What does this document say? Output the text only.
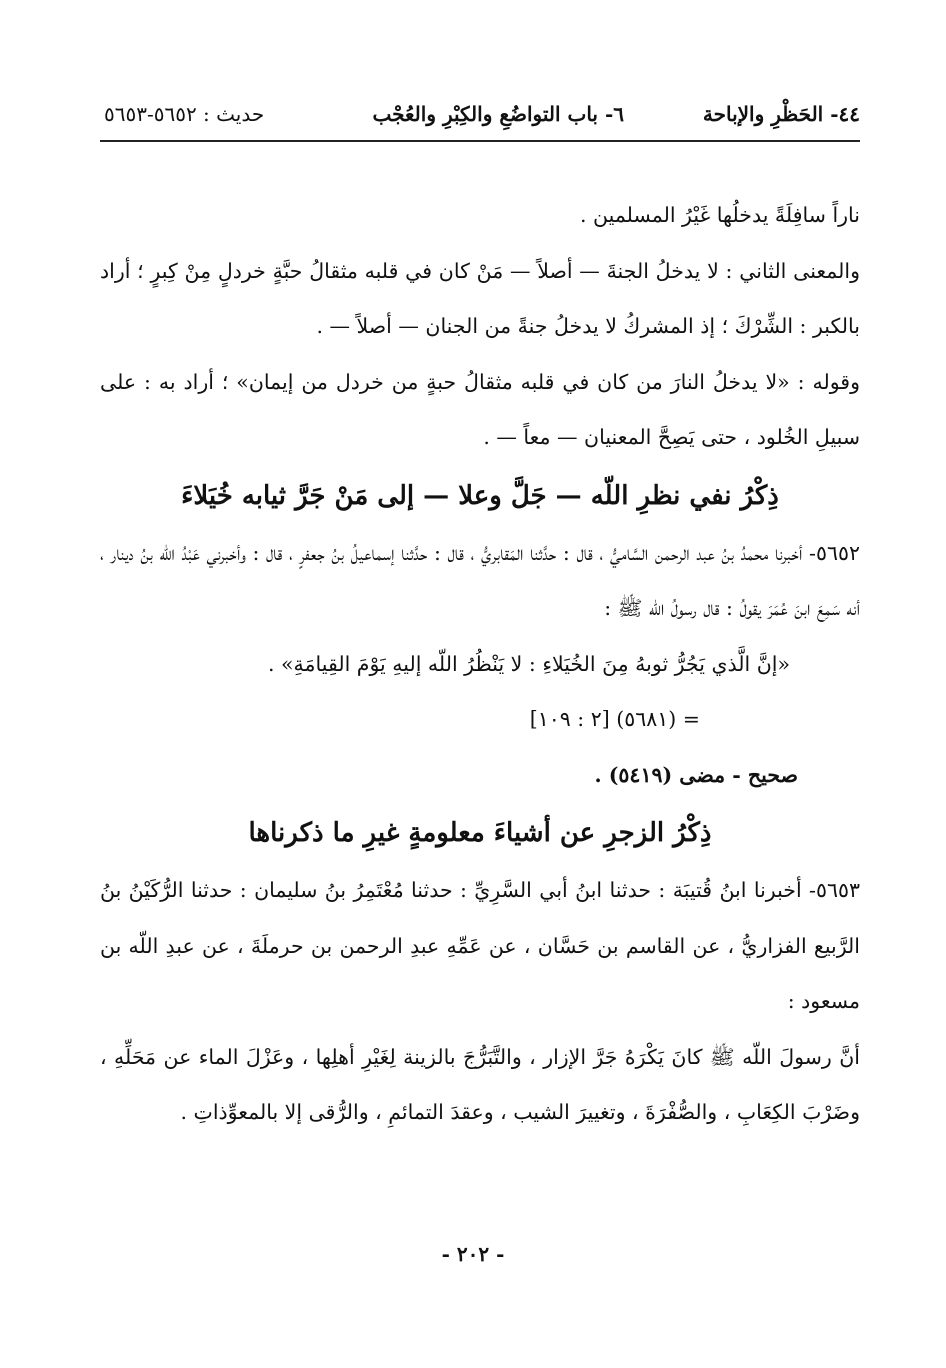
٤٤- الحَظْرِ والإباحة
٦- باب التواضُعِ والكِبْرِ والعُجْب
حديث : ٥٦٥٢-٥٦٥٣

ناراً سافِلَةً يدخلُها غَيْرُ المسلمين .

والمعنى الثاني : لا يدخلُ الجنةَ — أصلاً — مَنْ كان في قلبه مثقالُ حبَّةٍ خردلٍ مِنْ كِبرٍ ؛ أراد بالكبر : الشِّرْكَ ؛ إذ المشركُ لا يدخلُ جنةً من الجنان — أصلاً — .

وقوله : «لا يدخلُ النارَ من كان في قلبه مثقالُ حبةٍ من خردل من إيمان» ؛ أراد به : على سبيلِ الخُلود ، حتى يَصِحَّ المعنيان — معاً — .

ذِكْرُ نفي نظرِ اللّه — جَلَّ وعلا — إلى مَنْ جَرَّ ثيابه خُيَلاءَ

٥٦٥٢- أخبرنا محمدُ بنُ عبد الرحمن السَّاميُّ ، قال : حدَّثنا المَقابريُّ ، قال : حدَّثنا إسماعيلُ بنُ جعفرٍ ، قال : وأخبرني عَبْدُ اللّه بنُ دينار ، أنه سَمِعَ ابنَ عُمَرَ يقولُ : قال رسولُ اللّه ﷺ :

«إنَّ الَّذي يَجُرُّ ثوبهُ مِنَ الخُيَلاءِ : لا يَنْظُرُ اللّه إليهِ يَوْمَ القِيامَةِ» .

= (٥٦٨١) [٢ : ١٠٩]

صحيح - مضى (٥٤١٩) .

ذِكْرُ الزجرِ عن أشياءَ معلومةٍ غيرِ ما ذكرناها

٥٦٥٣- أخبرنا ابنُ قُتيبَة : حدثنا ابنُ أبي السَّرِيِّ : حدثنا مُعْتَمِرُ بنُ سليمان : حدثنا الرُّكَيْنُ بنُ الرَّبيع الفزاريُّ ، عن القاسم بن حَسَّان ، عن عَمِّهِ عبدِ الرحمن بن حرملَةَ ، عن عبدِ اللّه بن مسعود :

أنَّ رسولَ اللّه ﷺ كانَ يَكْرَهُ جَرَّ الإزار ، والتَّبَرُّجَ بالزينة لِغَيْرِ أهلِها ، وعَزْلَ الماء عن مَحَلِّهِ ، وضَرْبَ الكِعَابِ ، والصُّفْرَةَ ، وتغييرَ الشيب ، وعقدَ التمائمِ ، والرُّقى إلا بالمعوِّذاتِ .

- ٢٠٢ -
